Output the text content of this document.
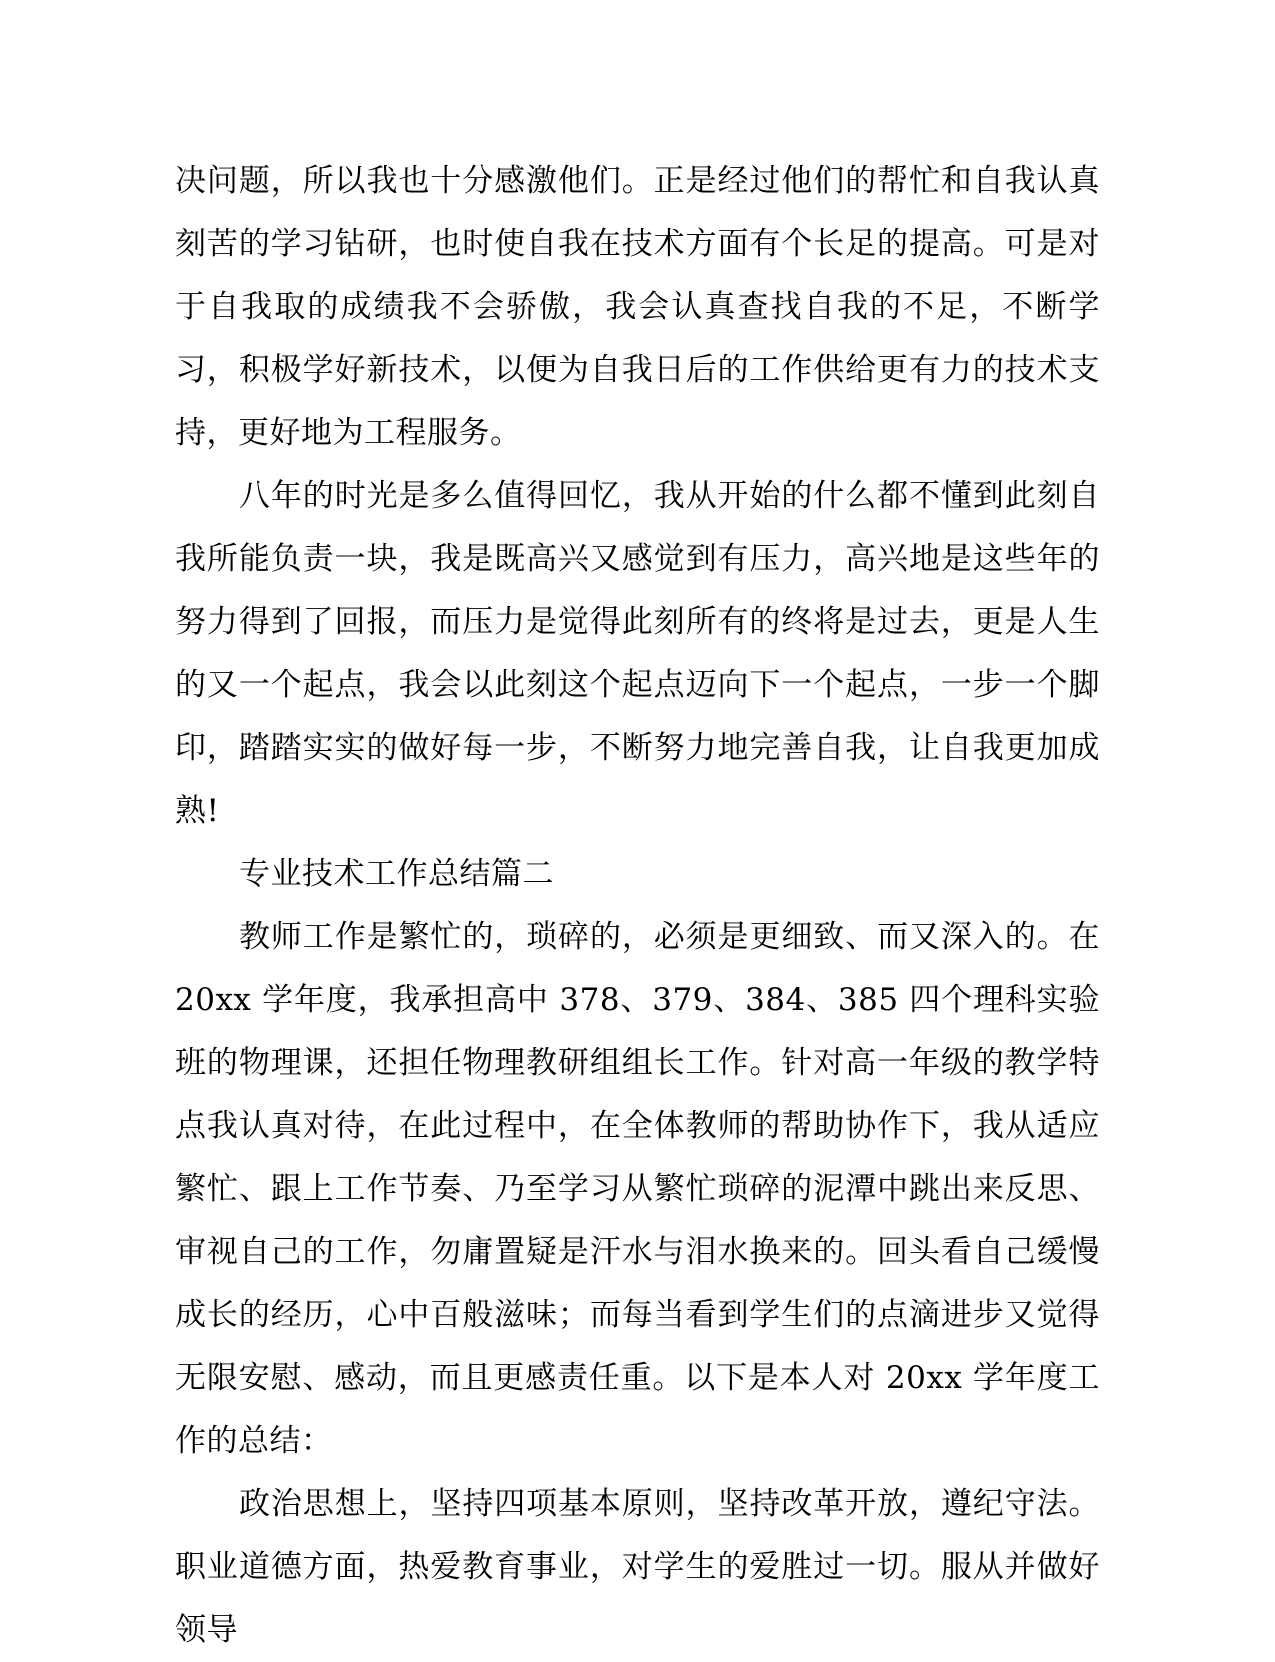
决问题，所以我也十分感激他们。正是经过他们的帮忙和自我认真刻苦的学习钻研，也时使自我在技术方面有个长足的提高。可是对于自我取的成绩我不会骄傲，我会认真查找自我的不足，不断学习，积极学好新技术，以便为自我日后的工作供给更有力的技术支持，更好地为工程服务。

八年的时光是多么值得回忆，我从开始的什么都不懂到此刻自我所能负责一块，我是既高兴又感觉到有压力，高兴地是这些年的努力得到了回报，而压力是觉得此刻所有的终将是过去，更是人生的又一个起点，我会以此刻这个起点迈向下一个起点，一步一个脚印，踏踏实实的做好每一步，不断努力地完善自我，让自我更加成熟!

专业技术工作总结篇二

教师工作是繁忙的，琐碎的，必须是更细致、而又深入的。在20xx 学年度，我承担高中 378、379、384、385 四个理科实验班的物理课，还担任物理教研组组长工作。针对高一年级的教学特点我认真对待，在此过程中，在全体教师的帮助协作下，我从适应繁忙、跟上工作节奏、乃至学习从繁忙琐碎的泥潭中跳出来反思、审视自己的工作，勿庸置疑是汗水与泪水换来的。回头看自己缓慢成长的经历，心中百般滋味；而每当看到学生们的点滴进步又觉得无限安慰、感动，而且更感责任重。以下是本人对 20xx 学年度工作的总结：

政治思想上，坚持四项基本原则，坚持改革开放，遵纪守法。职业道德方面，热爱教育事业，对学生的爱胜过一切。服从并做好领导
